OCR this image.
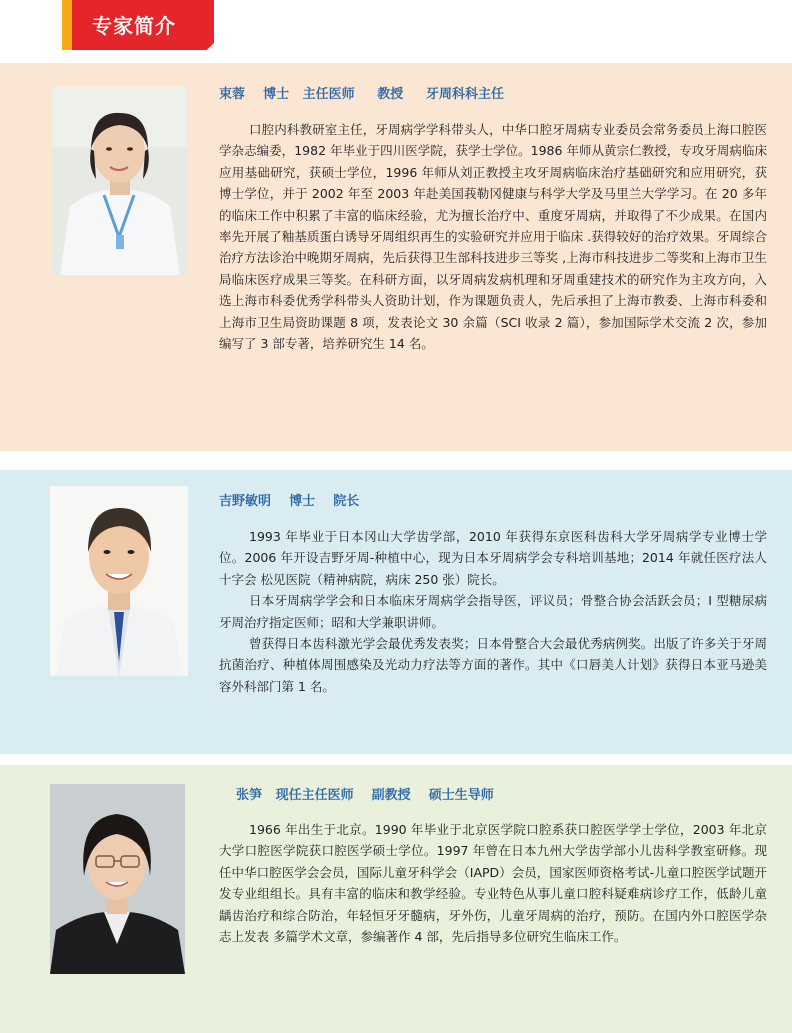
专家简介
束蓉    博士   主任医师     教授     牙周科科主任

口腔内科教研室主任，牙周病学学科带头人，中华口腔牙周病专业委员会常务委员上海口腔医学杂志编委，1982 年毕业于四川医学院，获学士学位。1986 年师从黄宗仁教授，专攻牙周病临床应用基础研究，获硕士学位，1996 年师从刘正教授主攻牙周病临床治疗基础研究和应用研究，获博士学位，并于 2002 年至 2003 年赴美国莪勒冈健康与科学大学及马里兰大学学习。在 20 多年的临床工作中积累了丰富的临床经验，尤为擅长治疗中、重度牙周病，并取得了不少成果。在国内率先开展了釉基质蛋白诱导牙周组织再生的实验研究并应用于临床 .获得较好的治疗效果。牙周综合治疗方法诊治中晚期牙周病，先后获得卫生部科技进步三等奖 ,上海市科技进步二等奖和上海市卫生局临床医疗成果三等奖。在科研方面，以牙周病发病机理和牙周重建技术的研究作为主攻方向，入选上海市科委优秀学科带头人资助计划，作为课题负责人，先后承担了上海市教委、上海市科委和上海市卫生局资助课题 8 项，发表论文 30 余篇（SCI 收录 2 篇），参加国际学术交流 2 次，参加编写了 3 部专著，培养研究生 14 名。

吉野敏明    博士    院长

1993 年毕业于日本冈山大学齿学部，2010 年获得东京医科齿科大学牙周病学专业博士学位。2006 年开设吉野牙周-种植中心，现为日本牙周病学会专科培训基地；2014 年就任医疗法人十字会 松见医院（精神病院，病床 250 张）院长。

日本牙周病学学会和日本临床牙周病学会指导医，评议员；骨整合协会活跃会员；I 型糖尿病牙周治疗指定医师；昭和大学兼职讲师。

曾获得日本齿科激光学会最优秀发表奖；日本骨整合大会最优秀病例奖。出版了许多关于牙周抗菌治疗、种植体周围感染及光动力疗法等方面的著作。其中《口唇美人计划》获得日本亚马逊美容外科部门第 1 名。

张笋   现任主任医师    副教授    硕士生导师

1966 年出生于北京。1990 年毕业于北京医学院口腔系获口腔医学学士学位，2003 年北京大学口腔医学院获口腔医学硕士学位。1997 年曾在日本九州大学齿学部小儿齿科学教室研修。现任中华口腔医学会会员，国际儿童牙科学会（IAPD）会员，国家医师资格考试-儿童口腔医学试题开发专业组组长。具有丰富的临床和教学经验。专业特色从事儿童口腔科疑难病诊疗工作，低龄儿童龋齿治疗和综合防治，年轻恒牙牙髓病，牙外伤，儿童牙周病的治疗，预防。在国内外口腔医学杂志上发表 多篇学术文章，参编著作 4 部，先后指导多位研究生临床工作。
